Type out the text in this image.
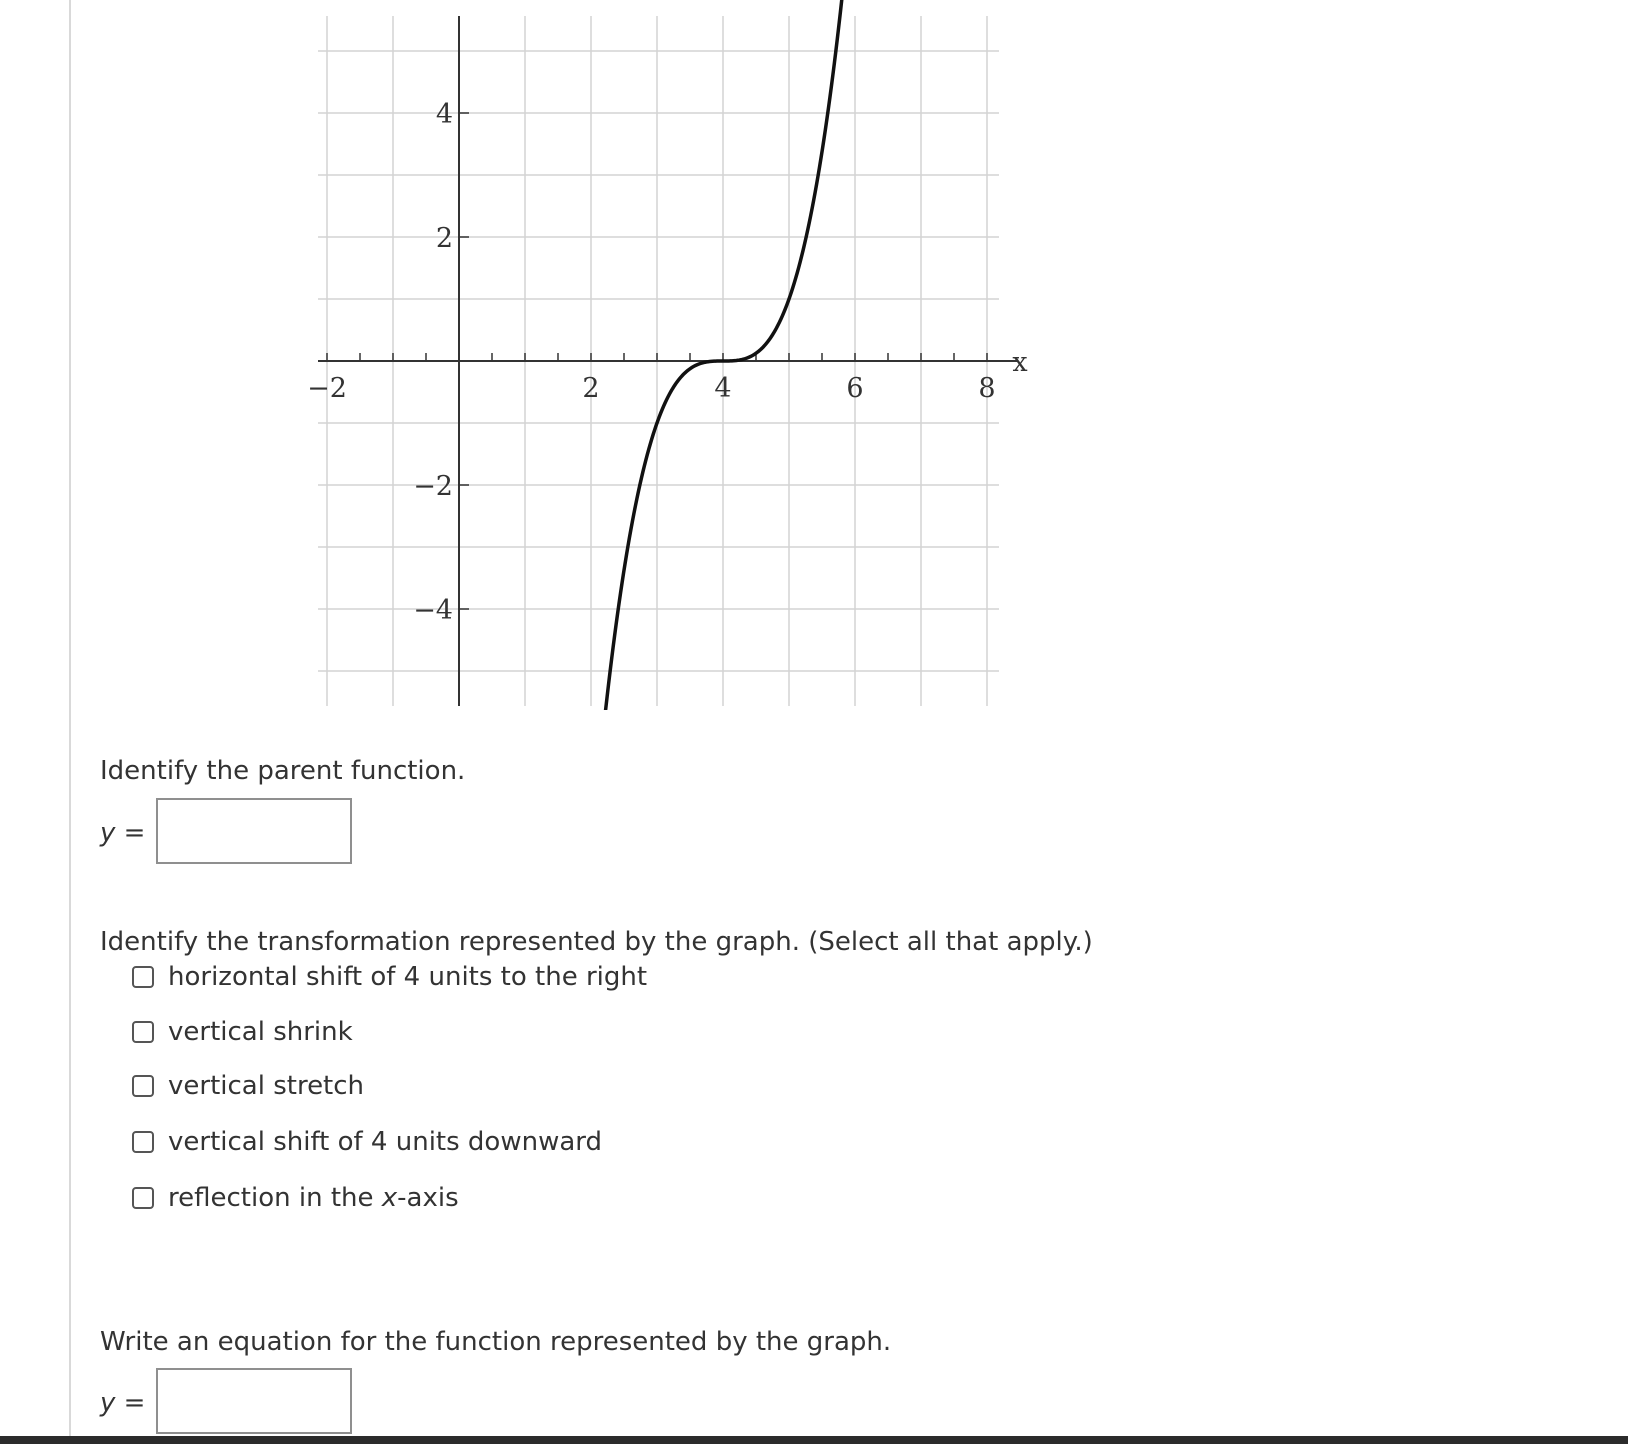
−2	2	4	6	8
4
2
−2
−4
x
Identify the parent function.
y =
Identify the transformation represented by the graph. (Select all that apply.)
horizontal shift of 4 units to the right
vertical shrink
vertical stretch
vertical shift of 4 units downward
reflection in the x-axis
Write an equation for the function represented by the graph.
y =
